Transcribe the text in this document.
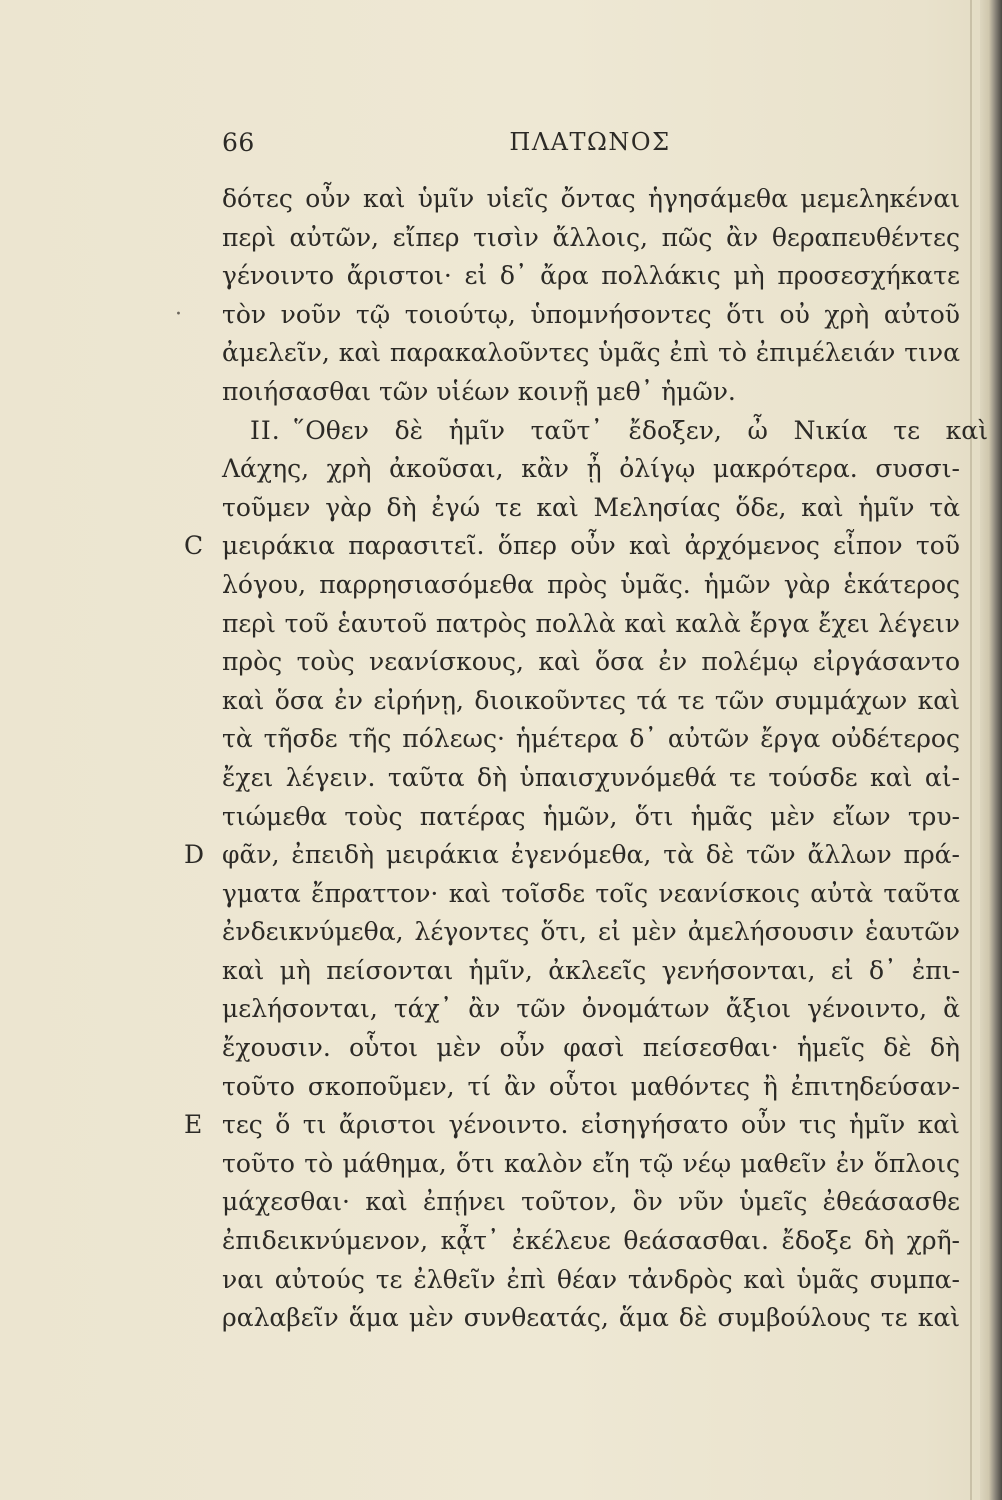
66	ΠΛΑΤΩΝΟΣ
δότες οὖν καὶ ὑμῖν υἱεῖς ὄντας ἡγησάμεθα μεμεληκέναι
περὶ αὐτῶν, εἴπερ τισὶν ἄλλοις, πῶς ἂν θεραπευθέντες
γένοιντο ἄριστοι· εἰ δ᾽ ἄρα πολλάκις μὴ προσεσχήκατε
· τὸν νοῦν τῷ τοιούτῳ, ὑπομνήσοντες ὅτι οὐ χρὴ αὐτοῦ
ἀμελεῖν, καὶ παρακαλοῦντες ὑμᾶς ἐπὶ τὸ ἐπιμέλειάν τινα
ποιήσασθαι τῶν υἱέων κοινῇ μεθ᾽ ἡμῶν.
ΙΙ. ῞Οθεν δὲ ἡμῖν ταῦτ᾽ ἔδοξεν, ὦ Νικία τε καὶ
Λάχης, χρὴ ἀκοῦσαι, κἂν ᾖ ὀλίγῳ μακρότερα. συσσι-
τοῦμεν γὰρ δὴ ἐγώ τε καὶ Μελησίας ὅδε, καὶ ἡμῖν τὰ
C μειράκια παρασιτεῖ. ὅπερ οὖν καὶ ἀρχόμενος εἶπον τοῦ
λόγου, παρρησιασόμεθα πρὸς ὑμᾶς. ἡμῶν γὰρ ἑκάτερος
περὶ τοῦ ἑαυτοῦ πατρὸς πολλὰ καὶ καλὰ ἔργα ἔχει λέγειν
πρὸς τοὺς νεανίσκους, καὶ ὅσα ἐν πολέμῳ εἰργάσαντο
καὶ ὅσα ἐν εἰρήνῃ, διοικοῦντες τά τε τῶν συμμάχων καὶ
τὰ τῆσδε τῆς πόλεως· ἡμέτερα δ᾽ αὐτῶν ἔργα οὐδέτερος
ἔχει λέγειν. ταῦτα δὴ ὑπαισχυνόμεθά τε τούσδε καὶ αἰ-
τιώμεθα τοὺς πατέρας ἡμῶν, ὅτι ἡμᾶς μὲν εἴων τρυ-
D φᾶν, ἐπειδὴ μειράκια ἐγενόμεθα, τὰ δὲ τῶν ἄλλων πρά-
γματα ἔπραττον· καὶ τοῖσδε τοῖς νεανίσκοις αὐτὰ ταῦτα
ἐνδεικνύμεθα, λέγοντες ὅτι, εἰ μὲν ἀμελήσουσιν ἑαυτῶν
καὶ μὴ πείσονται ἡμῖν, ἀκλεεῖς γενήσονται, εἰ δ᾽ ἐπι-
μελήσονται, τάχ᾽ ἂν τῶν ὀνομάτων ἄξιοι γένοιντο, ἃ
ἔχουσιν. οὗτοι μὲν οὖν φασὶ πείσεσθαι· ἡμεῖς δὲ δὴ
τοῦτο σκοποῦμεν, τί ἂν οὗτοι μαθόντες ἢ ἐπιτηδεύσαν-
E τες ὅ τι ἄριστοι γένοιντο. εἰσηγήσατο οὖν τις ἡμῖν καὶ
τοῦτο τὸ μάθημα, ὅτι καλὸν εἴη τῷ νέῳ μαθεῖν ἐν ὅπλοις
μάχεσθαι· καὶ ἐπῄνει τοῦτον, ὃν νῦν ὑμεῖς ἐθεάσασθε
ἐπιδεικνύμενον, κᾆτ᾽ ἐκέλευε θεάσασθαι. ἔδοξε δὴ χρῆ-
ναι αὐτούς τε ἐλθεῖν ἐπὶ θέαν τἀνδρὸς καὶ ὑμᾶς συμπα-
ραλαβεῖν ἅμα μὲν συνθεατάς, ἅμα δὲ συμβούλους τε καὶ
